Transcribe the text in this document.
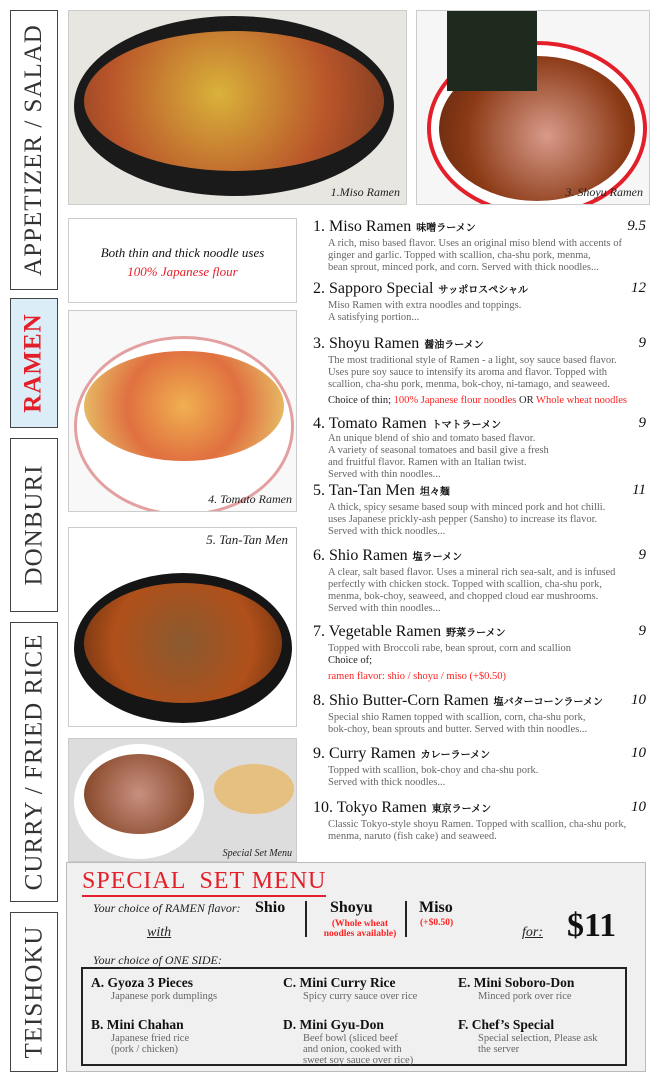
APPETIZER / SALAD
RAMEN
DONBURI
CURRY / FRIED RICE
TEISHOKU
1.Miso Ramen	3. Shoyu Ramen
Both thin and thick noodle uses
100% Japanese flour
4. Tomato Ramen
5. Tan-Tan Men
Special Set Menu
1. Miso Ramen 味噌ラーメン	9.5
A rich, miso based flavor. Uses an original miso blend with accents of
ginger and garlic. Topped with scallion, cha-shu pork, menma,
bean sprout, minced pork, and corn. Served with thick noodles...
2. Sapporo Special サッポロスペシャル	12
Miso Ramen with extra noodles and toppings.
A satisfying portion...
3. Shoyu Ramen 醤油ラーメン	9
The most traditional style of Ramen - a light, soy sauce based flavor.
Uses pure soy sauce to intensify its aroma and flavor. Topped with
scallion, cha-shu pork, menma, bok-choy, ni-tamago, and seaweed.
Choice of thin; 100% Japanese flour noodles OR Whole wheat noodles
4. Tomato Ramen トマトラーメン	9
An unique blend of shio and tomato based flavor.
A variety of seasonal tomatoes and basil give a fresh
and fruitful flavor. Ramen with an Italian twist.
Served with thin noodles...
5. Tan-Tan Men 坦々麺	11
A thick, spicy sesame based soup with minced pork and hot chilli.
uses Japanese prickly-ash pepper (Sansho) to increase its flavor.
Served with thick noodles...
6. Shio Ramen 塩ラーメン	9
A clear, salt based flavor. Uses a mineral rich sea-salt, and is infused
perfectly with chicken stock. Topped with scallion, cha-shu pork,
menma, bok-choy, seaweed, and chopped cloud ear mushrooms.
Served with thin noodles...
7. Vegetable Ramen 野菜ラーメン	9
Topped with Broccoli rabe, bean sprout, corn and scallion
Choice of;
ramen flavor: shio / shoyu / miso (+$0.50)
8. Shio Butter-Corn Ramen 塩バターコーンラーメン 10
Special shio Ramen topped with scallion, corn, cha-shu pork,
bok-choy, bean sprouts and butter. Served with thin noodles...
9. Curry Ramen カレーラーメン	10
Topped with scallion, bok-choy and cha-shu pork.
Served with thick noodles...
10. Tokyo Ramen 東京ラーメン	10
Classic Tokyo-style shoyu Ramen. Topped with scallion, cha-shu pork,
menma, naruto (fish cake) and seaweed.
SPECIAL  SET MENU
Your choice of RAMEN flavor: Shio	Shoyu
(Whole wheat
noodles available)
Miso
(+$0.50)
with	for: $11
Your choice of ONE SIDE:
A. Gyoza 3 Pieces
Japanese pork dumplings
B. Mini Chahan
Japanese fried rice
(pork / chicken)
C. Mini Curry Rice
Spicy curry sauce over rice
D. Mini Gyu-Don
Beef bowl (sliced beef
and onion, cooked with
sweet soy sauce over rice)
E. Mini Soboro-Don
Minced pork over rice
F. Chef’s Special
Special selection, Please ask
the server
